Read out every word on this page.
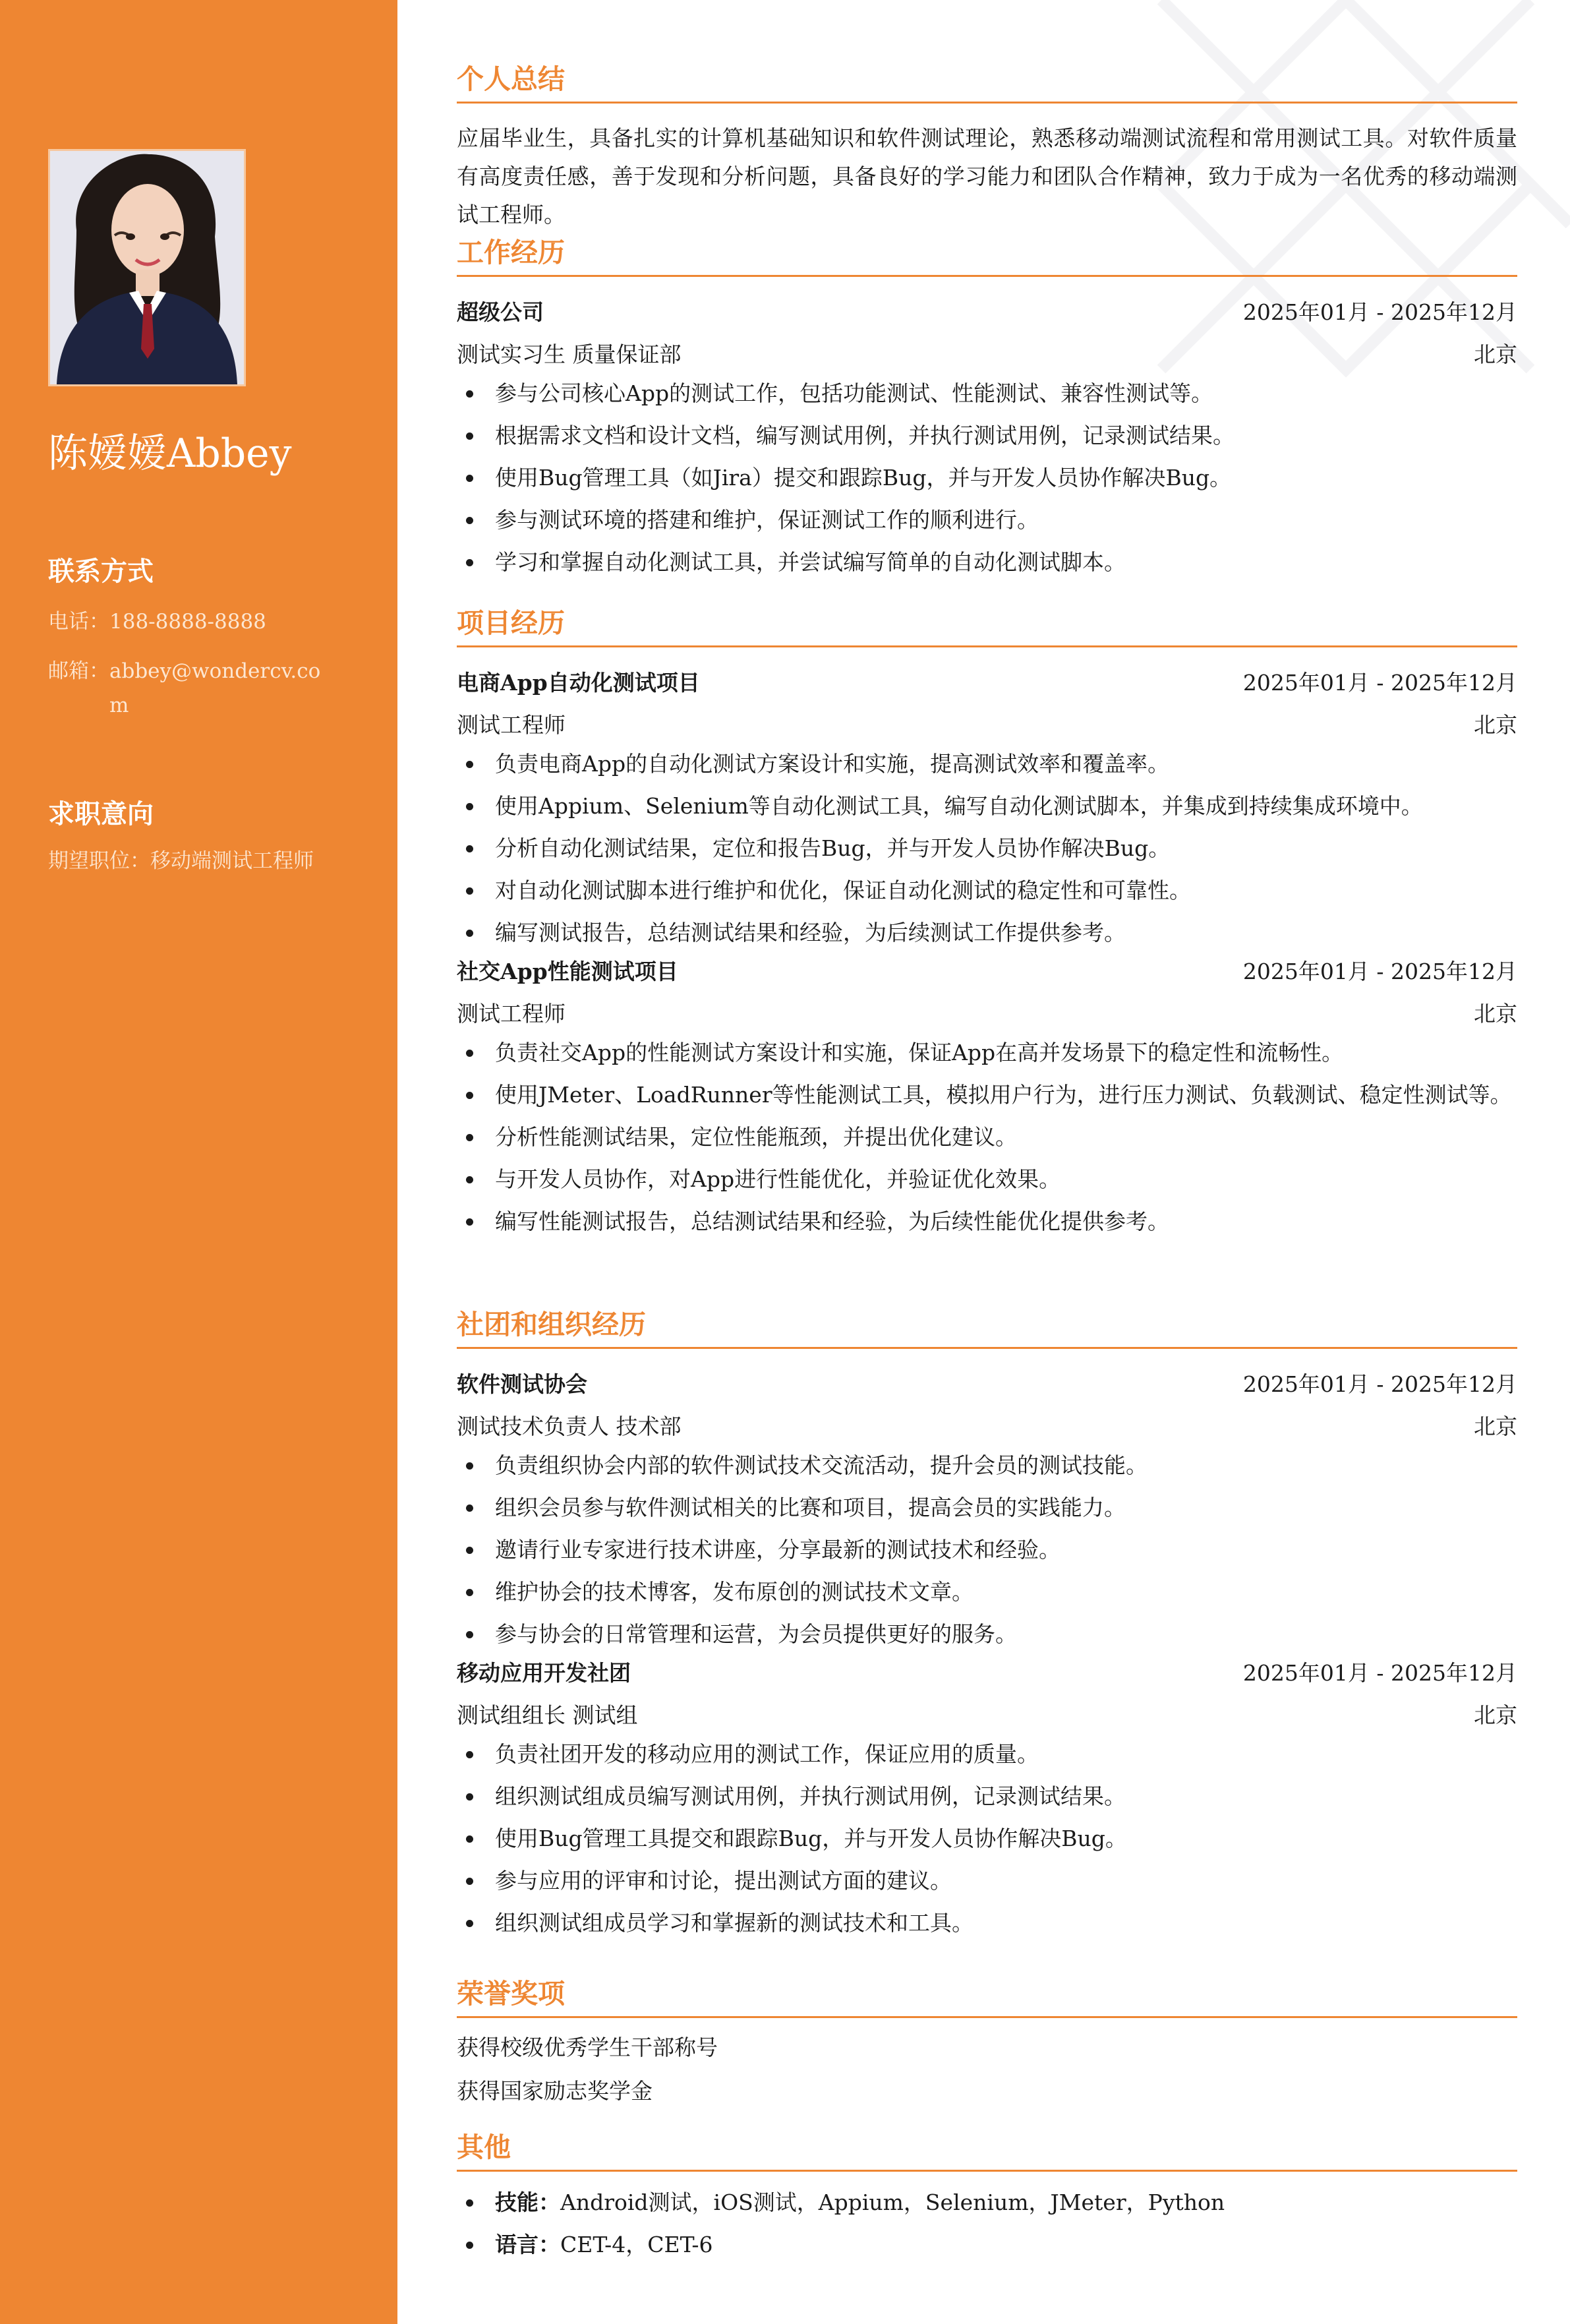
陈嫒嫒Abbey
联系方式
电话：188-8888-8888
邮箱：abbey@wondercv.com
求职意向
期望职位：移动端测试工程师
个人总结
应届毕业生，具备扎实的计算机基础知识和软件测试理论，熟悉移动端测试流程和常用测试工具。对软件质量有高度责任感，善于发现和分析问题，具备良好的学习能力和团队合作精神，致力于成为一名优秀的移动端测试工程师。
工作经历
超级公司	2025年01月 - 2025年12月
测试实习生 质量保证部	北京
参与公司核心App的测试工作，包括功能测试、性能测试、兼容性测试等。
根据需求文档和设计文档，编写测试用例，并执行测试用例，记录测试结果。
使用Bug管理工具（如Jira）提交和跟踪Bug，并与开发人员协作解决Bug。
参与测试环境的搭建和维护，保证测试工作的顺利进行。
学习和掌握自动化测试工具，并尝试编写简单的自动化测试脚本。
项目经历
电商App自动化测试项目	2025年01月 - 2025年12月
测试工程师	北京
负责电商App的自动化测试方案设计和实施，提高测试效率和覆盖率。
使用Appium、Selenium等自动化测试工具，编写自动化测试脚本，并集成到持续集成环境中。
分析自动化测试结果，定位和报告Bug，并与开发人员协作解决Bug。
对自动化测试脚本进行维护和优化，保证自动化测试的稳定性和可靠性。
编写测试报告，总结测试结果和经验，为后续测试工作提供参考。
社交App性能测试项目	2025年01月 - 2025年12月
测试工程师	北京
负责社交App的性能测试方案设计和实施，保证App在高并发场景下的稳定性和流畅性。
使用JMeter、LoadRunner等性能测试工具，模拟用户行为，进行压力测试、负载测试、稳定性测试等。
分析性能测试结果，定位性能瓶颈，并提出优化建议。
与开发人员协作，对App进行性能优化，并验证优化效果。
编写性能测试报告，总结测试结果和经验，为后续性能优化提供参考。
社团和组织经历
软件测试协会	2025年01月 - 2025年12月
测试技术负责人 技术部	北京
负责组织协会内部的软件测试技术交流活动，提升会员的测试技能。
组织会员参与软件测试相关的比赛和项目，提高会员的实践能力。
邀请行业专家进行技术讲座，分享最新的测试技术和经验。
维护协会的技术博客，发布原创的测试技术文章。
参与协会的日常管理和运营，为会员提供更好的服务。
移动应用开发社团	2025年01月 - 2025年12月
测试组组长 测试组	北京
负责社团开发的移动应用的测试工作，保证应用的质量。
组织测试组成员编写测试用例，并执行测试用例，记录测试结果。
使用Bug管理工具提交和跟踪Bug，并与开发人员协作解决Bug。
参与应用的评审和讨论，提出测试方面的建议。
组织测试组成员学习和掌握新的测试技术和工具。
荣誉奖项
获得校级优秀学生干部称号
获得国家励志奖学金
其他
技能：Android测试，iOS测试，Appium，Selenium，JMeter，Python
语言：CET-4，CET-6
